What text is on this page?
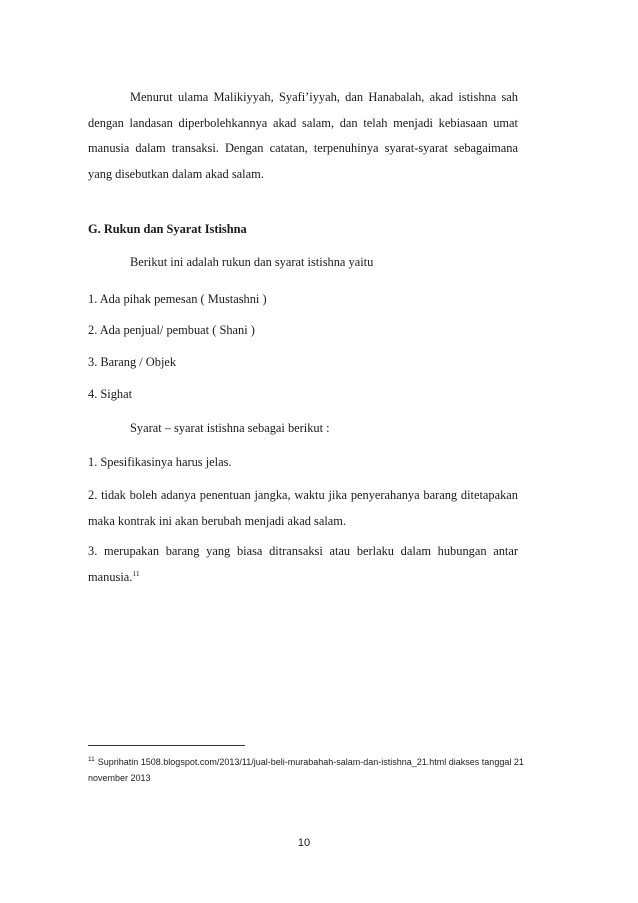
Menurut ulama Malikiyyah, Syafi’iyyah, dan Hanabalah, akad istishna sah dengan landasan diperbolehkannya akad salam, dan telah menjadi kebiasaan umat manusia dalam transaksi. Dengan catatan, terpenuhinya syarat-syarat sebagaimana yang disebutkan dalam akad salam.
G. Rukun dan Syarat Istishna
Berikut ini adalah rukun dan syarat istishna yaitu
1. Ada pihak pemesan ( Mustashni )
2. Ada penjual/ pembuat ( Shani )
3. Barang / Objek
4. Sighat
Syarat – syarat istishna sebagai berikut :
1. Spesifikasinya harus jelas.
2. tidak boleh adanya penentuan jangka, waktu jika penyerahanya barang ditetapakan maka kontrak ini akan berubah menjadi akad salam.
3. merupakan barang yang biasa ditransaksi atau berlaku dalam hubungan antar manusia.$^{11}$
$^{11}$ Suprihatin 1508.blogspot.com/2013/11/jual-beli-murabahah-salam-dan-istishna_21.html diakses tanggal 21 november 2013
10
